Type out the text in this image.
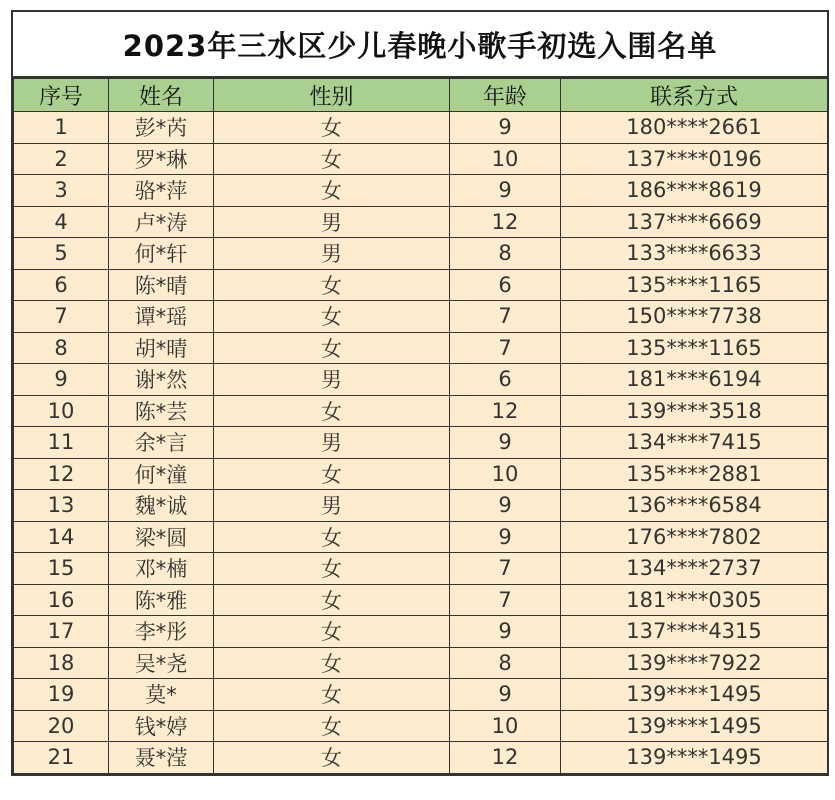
2023年三水区少儿春晚小歌手初选入围名单
序号	姓名	性别	年龄	联系方式
1	彭*芮	女	9	180****2661
2	罗*琳	女	10	137****0196
3	骆*萍	女	9	186****8619
4	卢*涛	男	12	137****6669
5	何*轩	男	8	133****6633
6	陈*晴	女	6	135****1165
7	谭*瑶	女	7	150****7738
8	胡*晴	女	7	135****1165
9	谢*然	男	6	181****6194
10	陈*芸	女	12	139****3518
11	余*言	男	9	134****7415
12	何*潼	女	10	135****2881
13	魏*诚	男	9	136****6584
14	梁*圆	女	9	176****7802
15	邓*楠	女	7	134****2737
16	陈*雅	女	7	181****0305
17	李*彤	女	9	137****4315
18	吴*尧	女	8	139****7922
19	莫*	女	9	139****1495
20	钱*婷	女	10	139****1495
21	聂*滢	女	12	139****1495
